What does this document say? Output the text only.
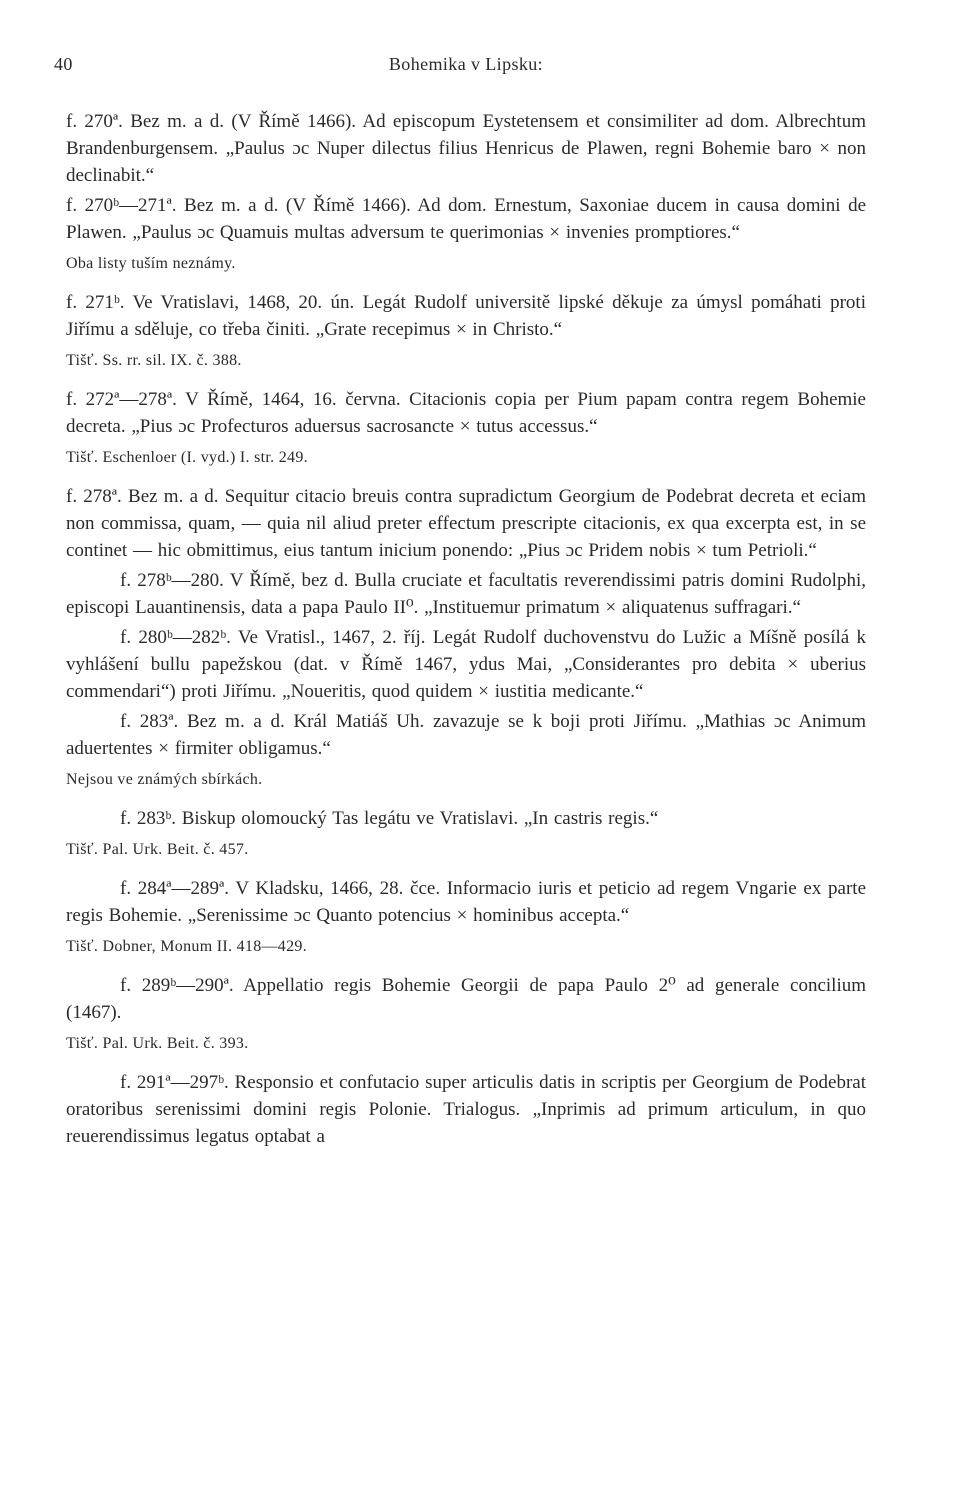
40	Bohemika v Lipsku:

f. 270ª. Bez m. a d. (V Římě 1466). Ad episcopum Eystetensem et consimiliter ad dom. Albrechtum Brandenburgensem. „Paulus ɔc Nuper dilectus filius Henricus de Plawen, regni Bohemie baro × non declinabit.“

f. 270ᵇ—271ª. Bez m. a d. (V Římě 1466). Ad dom. Ernestum, Saxoniae ducem in causa domini de Plawen. „Paulus ɔc Quamuis multas adversum te querimonias × invenies promptiores.“

Oba listy tuším neznámy.

f. 271ᵇ. Ve Vratislavi, 1468, 20. ún. Legát Rudolf universitě lipské děkuje za úmysl pomáhati proti Jiřímu a sděluje, co třeba činiti. „Grate recepimus × in Christo.“

Tišť. Ss. rr. sil. IX. č. 388.

f. 272ª—278ª. V Římě, 1464, 16. června. Citacionis copia per Pium papam contra regem Bohemie decreta. „Pius ɔc Profecturos aduersus sacrosancte × tutus accessus.“

Tišť. Eschenloer (I. vyd.) I. str. 249.

f. 278ª. Bez m. a d. Sequitur citacio breuis contra supradictum Georgium de Podebrat decreta et eciam non commissa, quam, — quia nil aliud preter effectum prescripte citacionis, ex qua excerpta est, in se continet — hic obmittimus, eius tantum inicium ponendo: „Pius ɔc Pridem nobis × tum Petrioli.“

f. 278ᵇ—280. V Římě, bez d. Bulla cruciate et facultatis reverendissimi patris domini Rudolphi, episcopi Lauantinensis, data a papa Paulo II⁰. „Instituemur primatum × aliquatenus suffragari.“

f. 280ᵇ—282ᵇ. Ve Vratisl., 1467, 2. říj. Legát Rudolf duchovenstvu do Lužic a Míšně posílá k vyhlášení bullu papežskou (dat. v Římě 1467, ydus Mai, „Considerantes pro debita × uberius commendari“) proti Jiřímu. „Noueritis, quod quidem × iustitia medicante.“

f. 283ª. Bez m. a d. Král Matiáš Uh. zavazuje se k boji proti Jiřímu. „Mathias ɔc Animum aduertentes × firmiter obligamus.“

Nejsou ve známých sbírkách.

f. 283ᵇ. Biskup olomoucký Tas legátu ve Vratislavi. „In castris regis.“

Tišť. Pal. Urk. Beit. č. 457.

f. 284ª—289ª. V Kladsku, 1466, 28. čce. Informacio iuris et peticio ad regem Vngarie ex parte regis Bohemie. „Serenissime ɔc Quanto potencius × hominibus accepta.“

Tišť. Dobner, Monum II. 418—429.

f. 289ᵇ—290ª. Appellatio regis Bohemie Georgii de papa Paulo 2⁰ ad generale concilium (1467).

Tišť. Pal. Urk. Beit. č. 393.

f. 291ª—297ᵇ. Responsio et confutacio super articulis datis in scriptis per Georgium de Podebrat oratoribus serenissimi domini regis Polonie. Trialogus. „Inprimis ad primum articulum, in quo reuerendissimus legatus optabat a
